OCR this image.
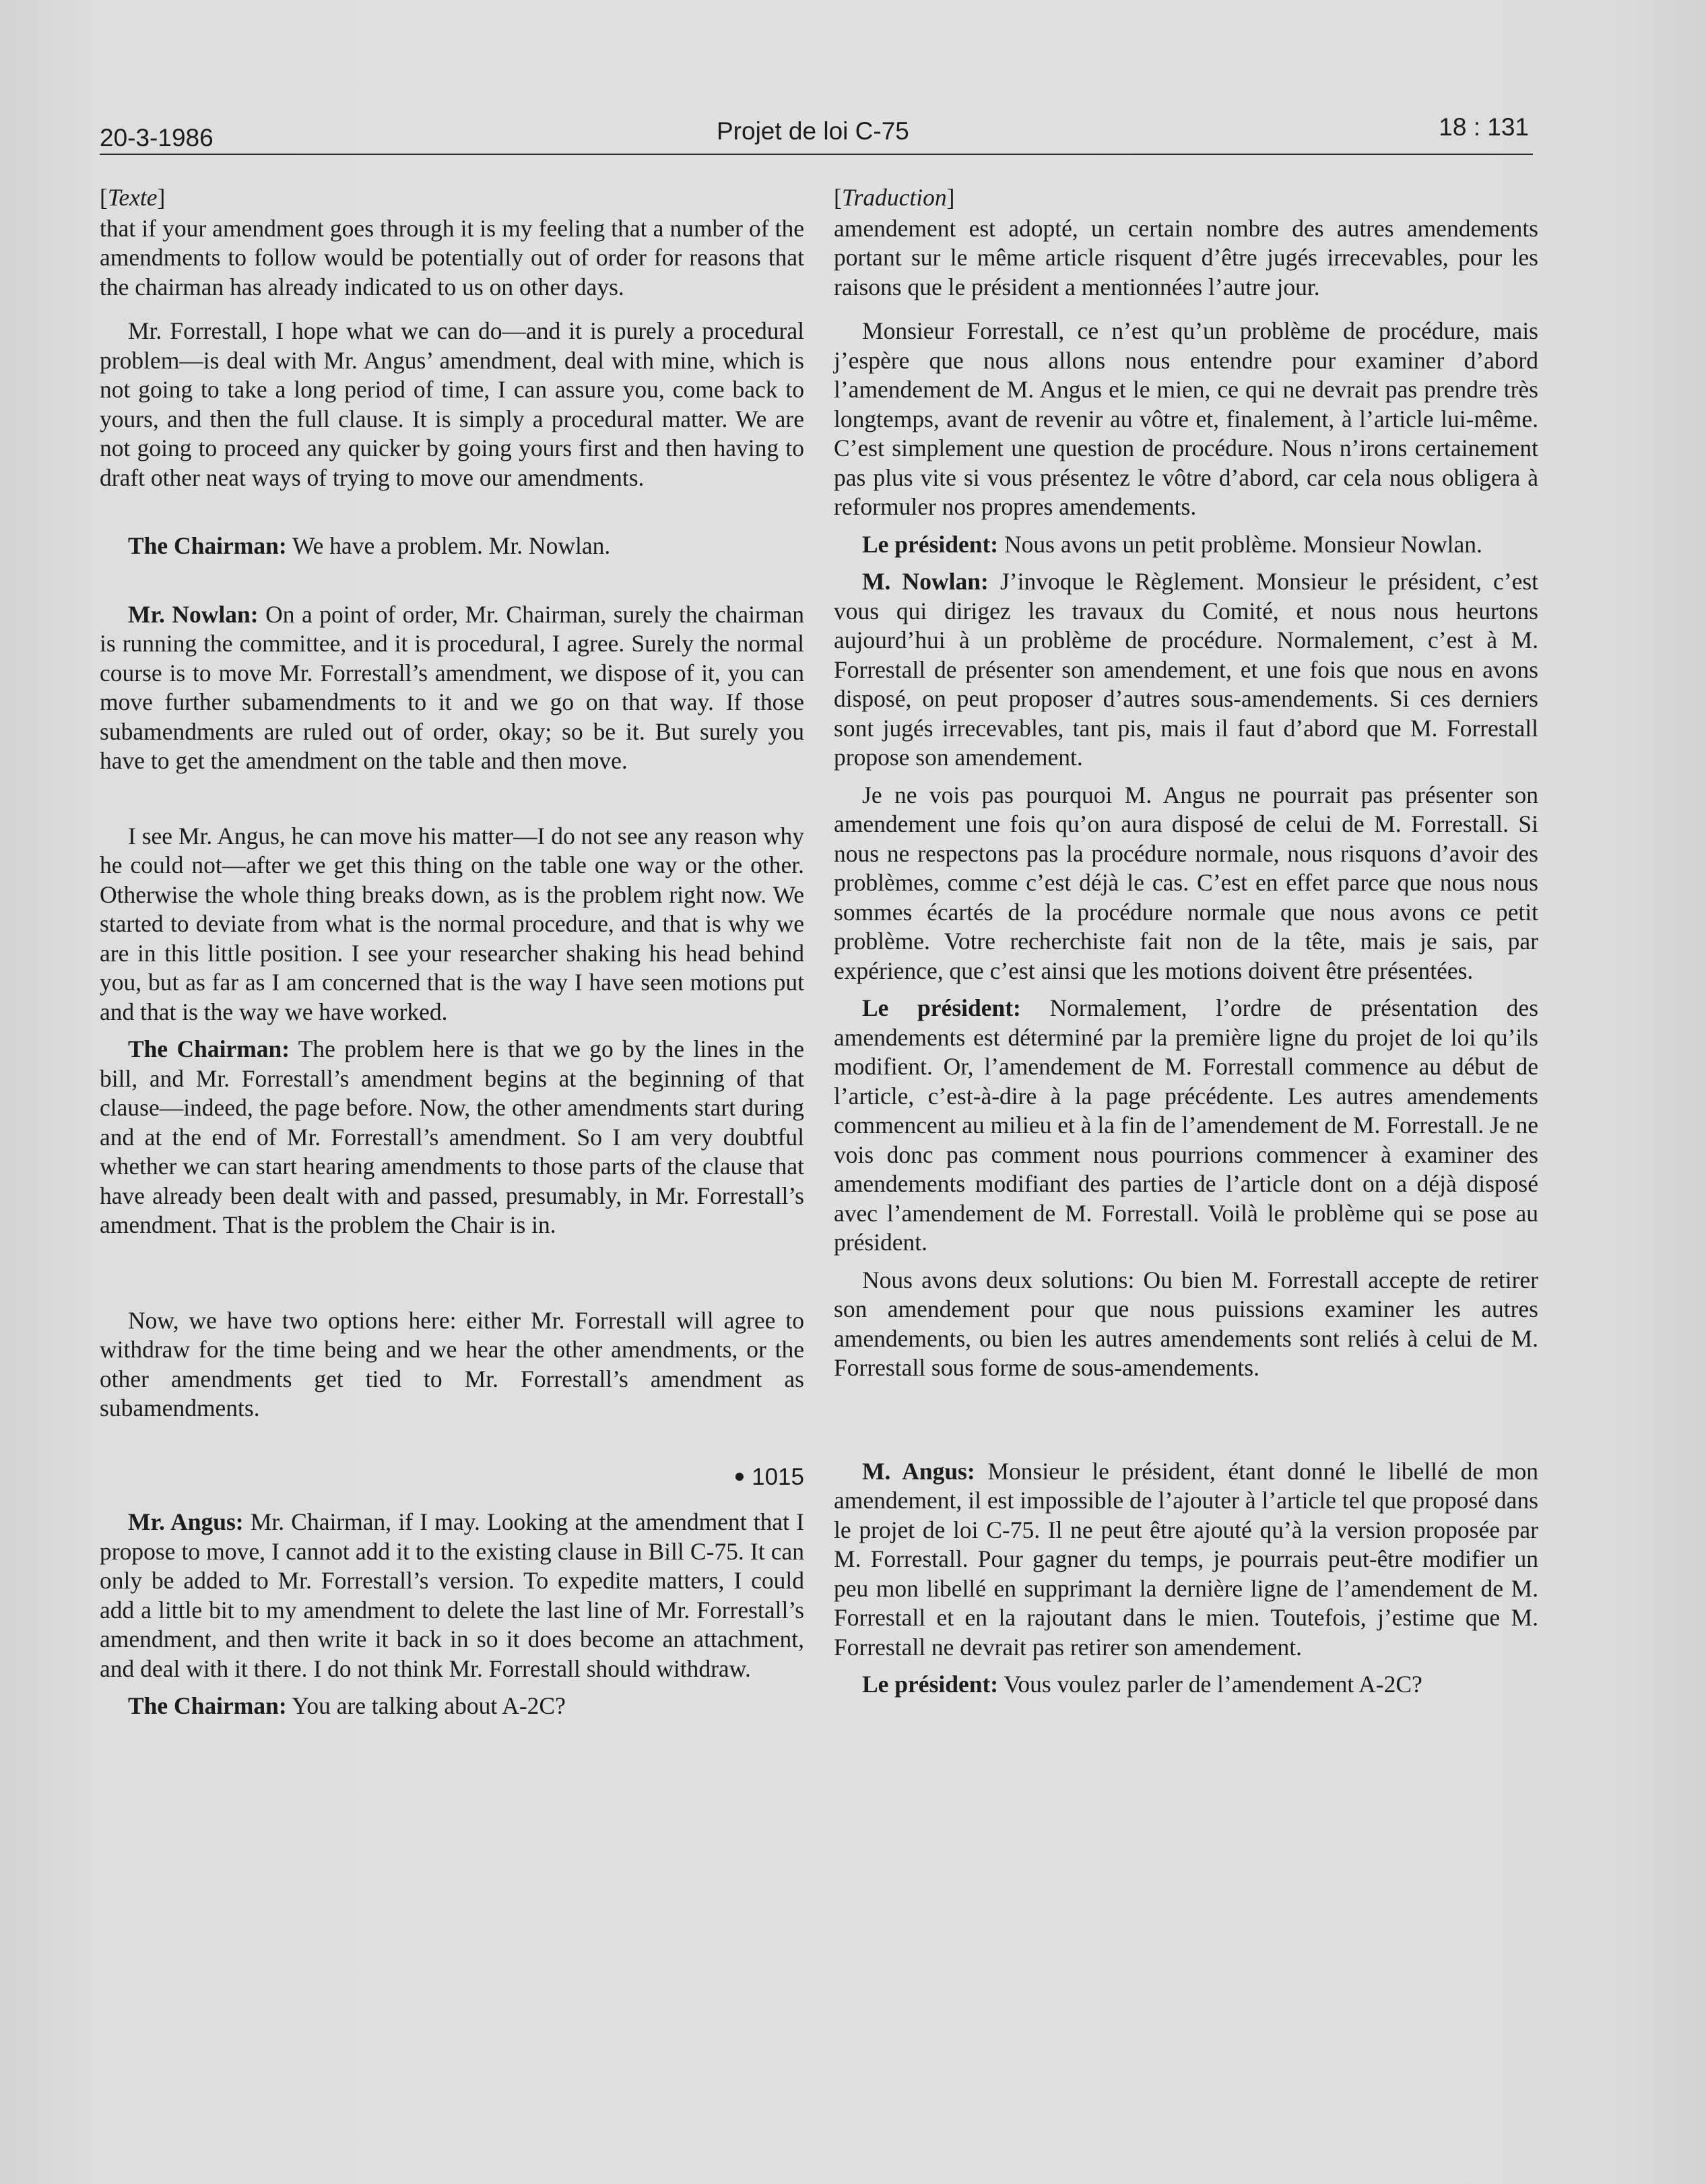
20-3-1986	Projet de loi C-75	18 : 131

[Texte]

that if your amendment goes through it is my feeling that a number of the amendments to follow would be potentially out of order for reasons that the chairman has already indicated to us on other days.

Mr. Forrestall, I hope what we can do—and it is purely a procedural problem—is deal with Mr. Angus’ amendment, deal with mine, which is not going to take a long period of time, I can assure you, come back to yours, and then the full clause. It is simply a procedural matter. We are not going to proceed any quicker by going yours first and then having to draft other neat ways of trying to move our amendments.

The Chairman: We have a problem. Mr. Nowlan.

Mr. Nowlan: On a point of order, Mr. Chairman, surely the chairman is running the committee, and it is procedural, I agree. Surely the normal course is to move Mr. Forrestall’s amendment, we dispose of it, you can move further subamendments to it and we go on that way. If those subamendments are ruled out of order, okay; so be it. But surely you have to get the amendment on the table and then move.

I see Mr. Angus, he can move his matter—I do not see any reason why he could not—after we get this thing on the table one way or the other. Otherwise the whole thing breaks down, as is the problem right now. We started to deviate from what is the normal procedure, and that is why we are in this little position. I see your researcher shaking his head behind you, but as far as I am concerned that is the way I have seen motions put and that is the way we have worked.

The Chairman: The problem here is that we go by the lines in the bill, and Mr. Forrestall’s amendment begins at the beginning of that clause—indeed, the page before. Now, the other amendments start during and at the end of Mr. Forrestall’s amendment. So I am very doubtful whether we can start hearing amendments to those parts of the clause that have already been dealt with and passed, presumably, in Mr. Forrestall’s amendment. That is the problem the Chair is in.

Now, we have two options here: either Mr. Forrestall will agree to withdraw for the time being and we hear the other amendments, or the other amendments get tied to Mr. Forrestall’s amendment as subamendments.

● 1015

Mr. Angus: Mr. Chairman, if I may. Looking at the amendment that I propose to move, I cannot add it to the existing clause in Bill C-75. It can only be added to Mr. Forrestall’s version. To expedite matters, I could add a little bit to my amendment to delete the last line of Mr. Forrestall’s amendment, and then write it back in so it does become an attachment, and deal with it there. I do not think Mr. Forrestall should withdraw.

The Chairman: You are talking about A-2C?

[Traduction]

amendement est adopté, un certain nombre des autres amendements portant sur le même article risquent d’être jugés irrecevables, pour les raisons que le président a mentionnées l’autre jour.

Monsieur Forrestall, ce n’est qu’un problème de procédure, mais j’espère que nous allons nous entendre pour examiner d’abord l’amendement de M. Angus et le mien, ce qui ne devrait pas prendre très longtemps, avant de revenir au vôtre et, finalement, à l’article lui-même. C’est simplement une question de procédure. Nous n’irons certainement pas plus vite si vous présentez le vôtre d’abord, car cela nous obligera à reformuler nos propres amendements.

Le président: Nous avons un petit problème. Monsieur Nowlan.

M. Nowlan: J’invoque le Règlement. Monsieur le président, c’est vous qui dirigez les travaux du Comité, et nous nous heurtons aujourd’hui à un problème de procédure. Normalement, c’est à M. Forrestall de présenter son amendement, et une fois que nous en avons disposé, on peut proposer d’autres sous-amendements. Si ces derniers sont jugés irrecevables, tant pis, mais il faut d’abord que M. Forrestall propose son amendement.

Je ne vois pas pourquoi M. Angus ne pourrait pas présenter son amendement une fois qu’on aura disposé de celui de M. Forrestall. Si nous ne respectons pas la procédure normale, nous risquons d’avoir des problèmes, comme c’est déjà le cas. C’est en effet parce que nous nous sommes écartés de la procédure normale que nous avons ce petit problème. Votre recherchiste fait non de la tête, mais je sais, par expérience, que c’est ainsi que les motions doivent être présentées.

Le président: Normalement, l’ordre de présentation des amendements est déterminé par la première ligne du projet de loi qu’ils modifient. Or, l’amendement de M. Forrestall commence au début de l’article, c’est-à-dire à la page précédente. Les autres amendements commencent au milieu et à la fin de l’amendement de M. Forrestall. Je ne vois donc pas comment nous pourrions commencer à examiner des amendements modifiant des parties de l’article dont on a déjà disposé avec l’amendement de M. Forrestall. Voilà le problème qui se pose au président.

Nous avons deux solutions: Ou bien M. Forrestall accepte de retirer son amendement pour que nous puissions examiner les autres amendements, ou bien les autres amendements sont reliés à celui de M. Forrestall sous forme de sous-amendements.

M. Angus: Monsieur le président, étant donné le libellé de mon amendement, il est impossible de l’ajouter à l’article tel que proposé dans le projet de loi C-75. Il ne peut être ajouté qu’à la version proposée par M. Forrestall. Pour gagner du temps, je pourrais peut-être modifier un peu mon libellé en supprimant la dernière ligne de l’amendement de M. Forrestall et en la rajoutant dans le mien. Toutefois, j’estime que M. Forrestall ne devrait pas retirer son amendement.

Le président: Vous voulez parler de l’amendement A-2C?
